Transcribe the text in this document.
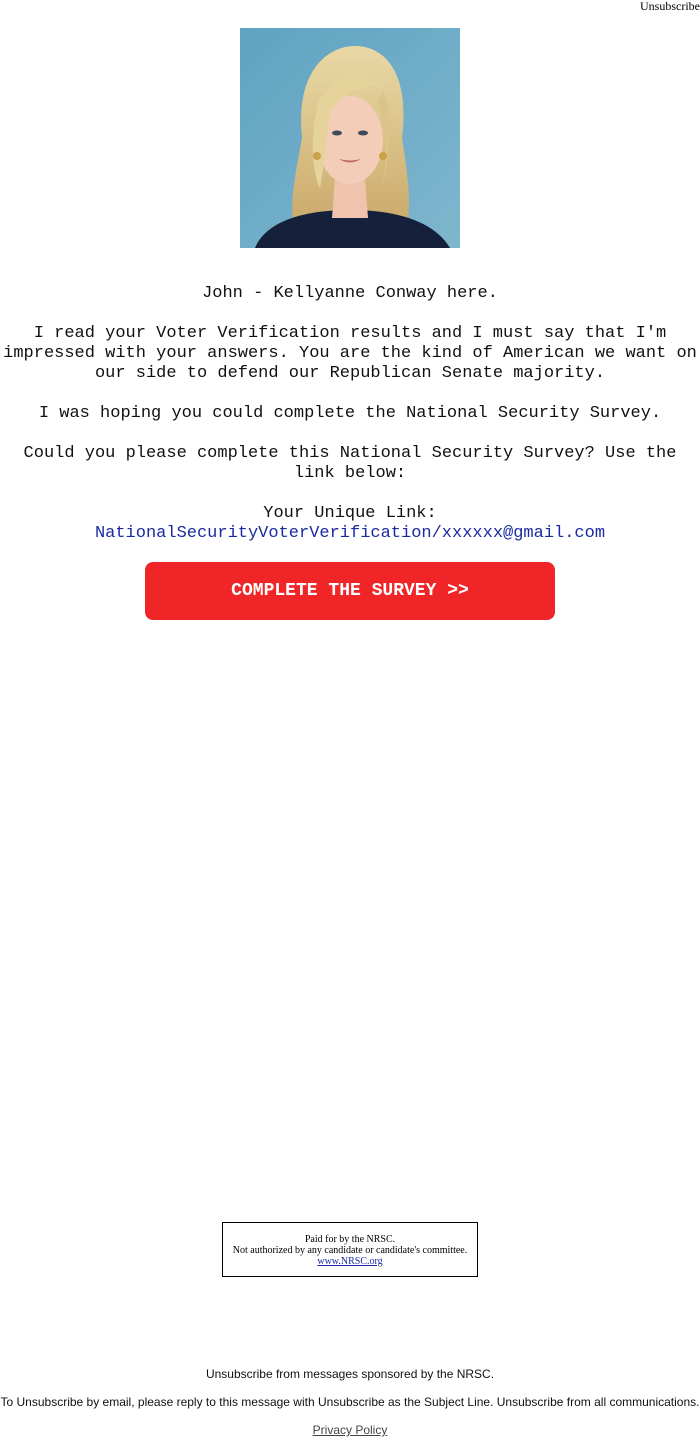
Unsubscribe

John - Kellyanne Conway here.

I read your Voter Verification results and I must say that I'm impressed with your answers. You are the kind of American we want on our side to defend our Republican Senate majority.

I was hoping you could complete the National Security Survey.

Could you please complete this National Security Survey? Use the link below:

Your Unique Link:
NationalSecurityVoterVerification/xxxxxx@gmail.com
COMPLETE THE SURVEY >>
Paid for by the NRSC.
Not authorized by any candidate or candidate's committee.
www.NRSC.org
Unsubscribe from messages sponsored by the NRSC.
To Unsubscribe by email, please reply to this message with Unsubscribe as the Subject Line. Unsubscribe from all communications.
Privacy Policy
